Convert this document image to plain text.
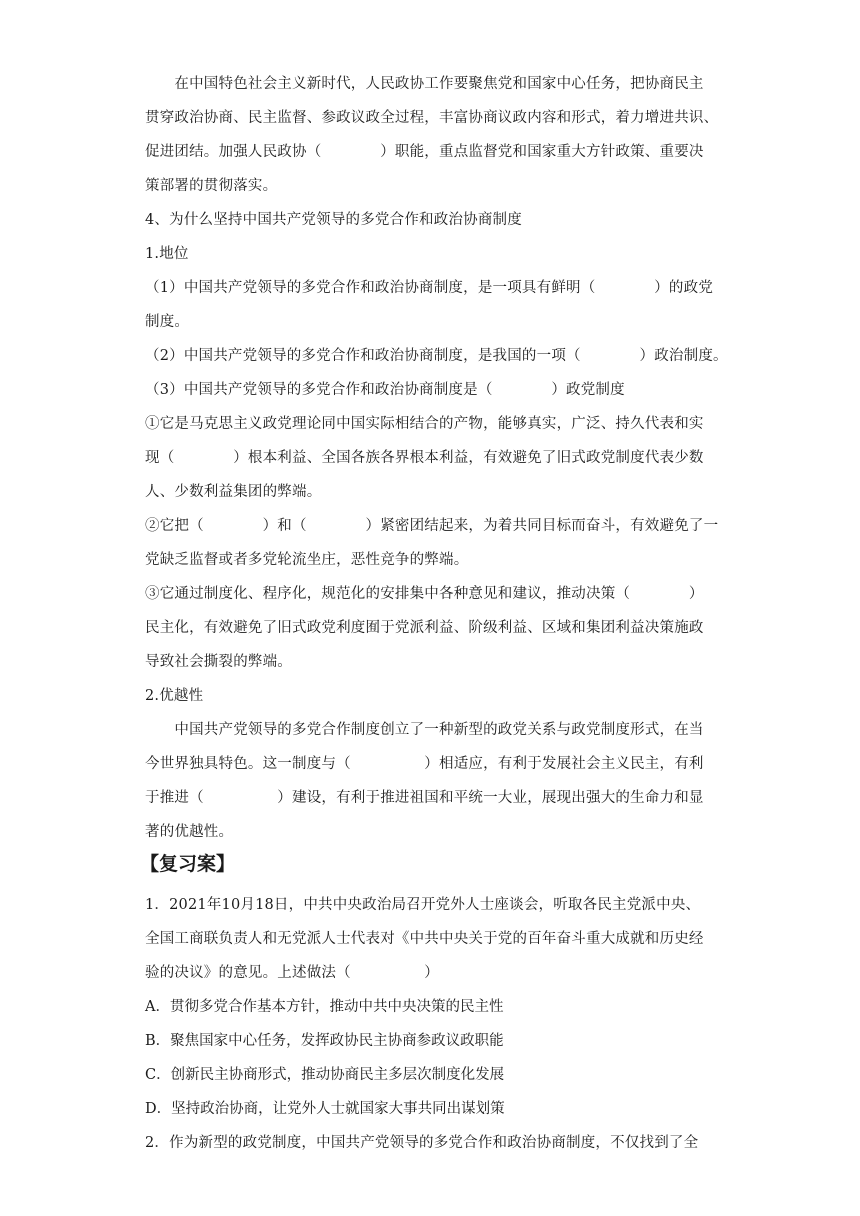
　　在中国特色社会主义新时代，人民政协工作要聚焦党和国家中心任务，把协商民主
贯穿政治协商、民主监督、参政议政全过程，丰富协商议政内容和形式，着力增进共识、
促进团结。加强人民政协（　　　　）职能，重点监督党和国家重大方针政策、重要决
策部署的贯彻落实。
4、为什么坚持中国共产党领导的多党合作和政治协商制度
1.地位
（1）中国共产党领导的多党合作和政治协商制度，是一项具有鲜明（　　　　）的政党
制度。
（2）中国共产党领导的多党合作和政治协商制度，是我国的一项（　　　　）政治制度。
（3）中国共产党领导的多党合作和政治协商制度是（　　　　）政党制度
①它是马克思主义政党理论同中国实际相结合的产物，能够真实，广泛、持久代表和实
现（　　　　）根本利益、全国各族各界根本利益，有效避免了旧式政党制度代表少数
人、少数利益集团的弊端。
②它把（　　　　）和（　　　　）紧密团结起来，为着共同目标而奋斗，有效避免了一
党缺乏监督或者多党轮流坐庄，恶性竞争的弊端。
③它通过制度化、程序化，规范化的安排集中各种意见和建议，推动决策（　　　　）
民主化，有效避免了旧式政党利度囿于党派利益、阶级利益、区域和集团利益决策施政
导致社会撕裂的弊端。
2.优越性
　　中国共产党领导的多党合作制度创立了一种新型的政党关系与政党制度形式，在当
今世界独具特色。这一制度与（　　　　　）相适应，有利于发展社会主义民主，有利
于推进（　　　　　）建设，有利于推进祖国和平统一大业，展现出强大的生命力和显
著的优越性。
【复习案】
1．2021年10月18日，中共中央政治局召开党外人士座谈会，听取各民主党派中央、
全国工商联负责人和无党派人士代表对《中共中央关于党的百年奋斗重大成就和历史经
验的决议》的意见。上述做法（　　　　　）
A．贯彻多党合作基本方针，推动中共中央决策的民主性
B．聚焦国家中心任务，发挥政协民主协商参政议政职能
C．创新民主协商形式，推动协商民主多层次制度化发展
D．坚持政治协商，让党外人士就国家大事共同出谋划策
2．作为新型的政党制度，中国共产党领导的多党合作和政治协商制度，不仅找到了全
